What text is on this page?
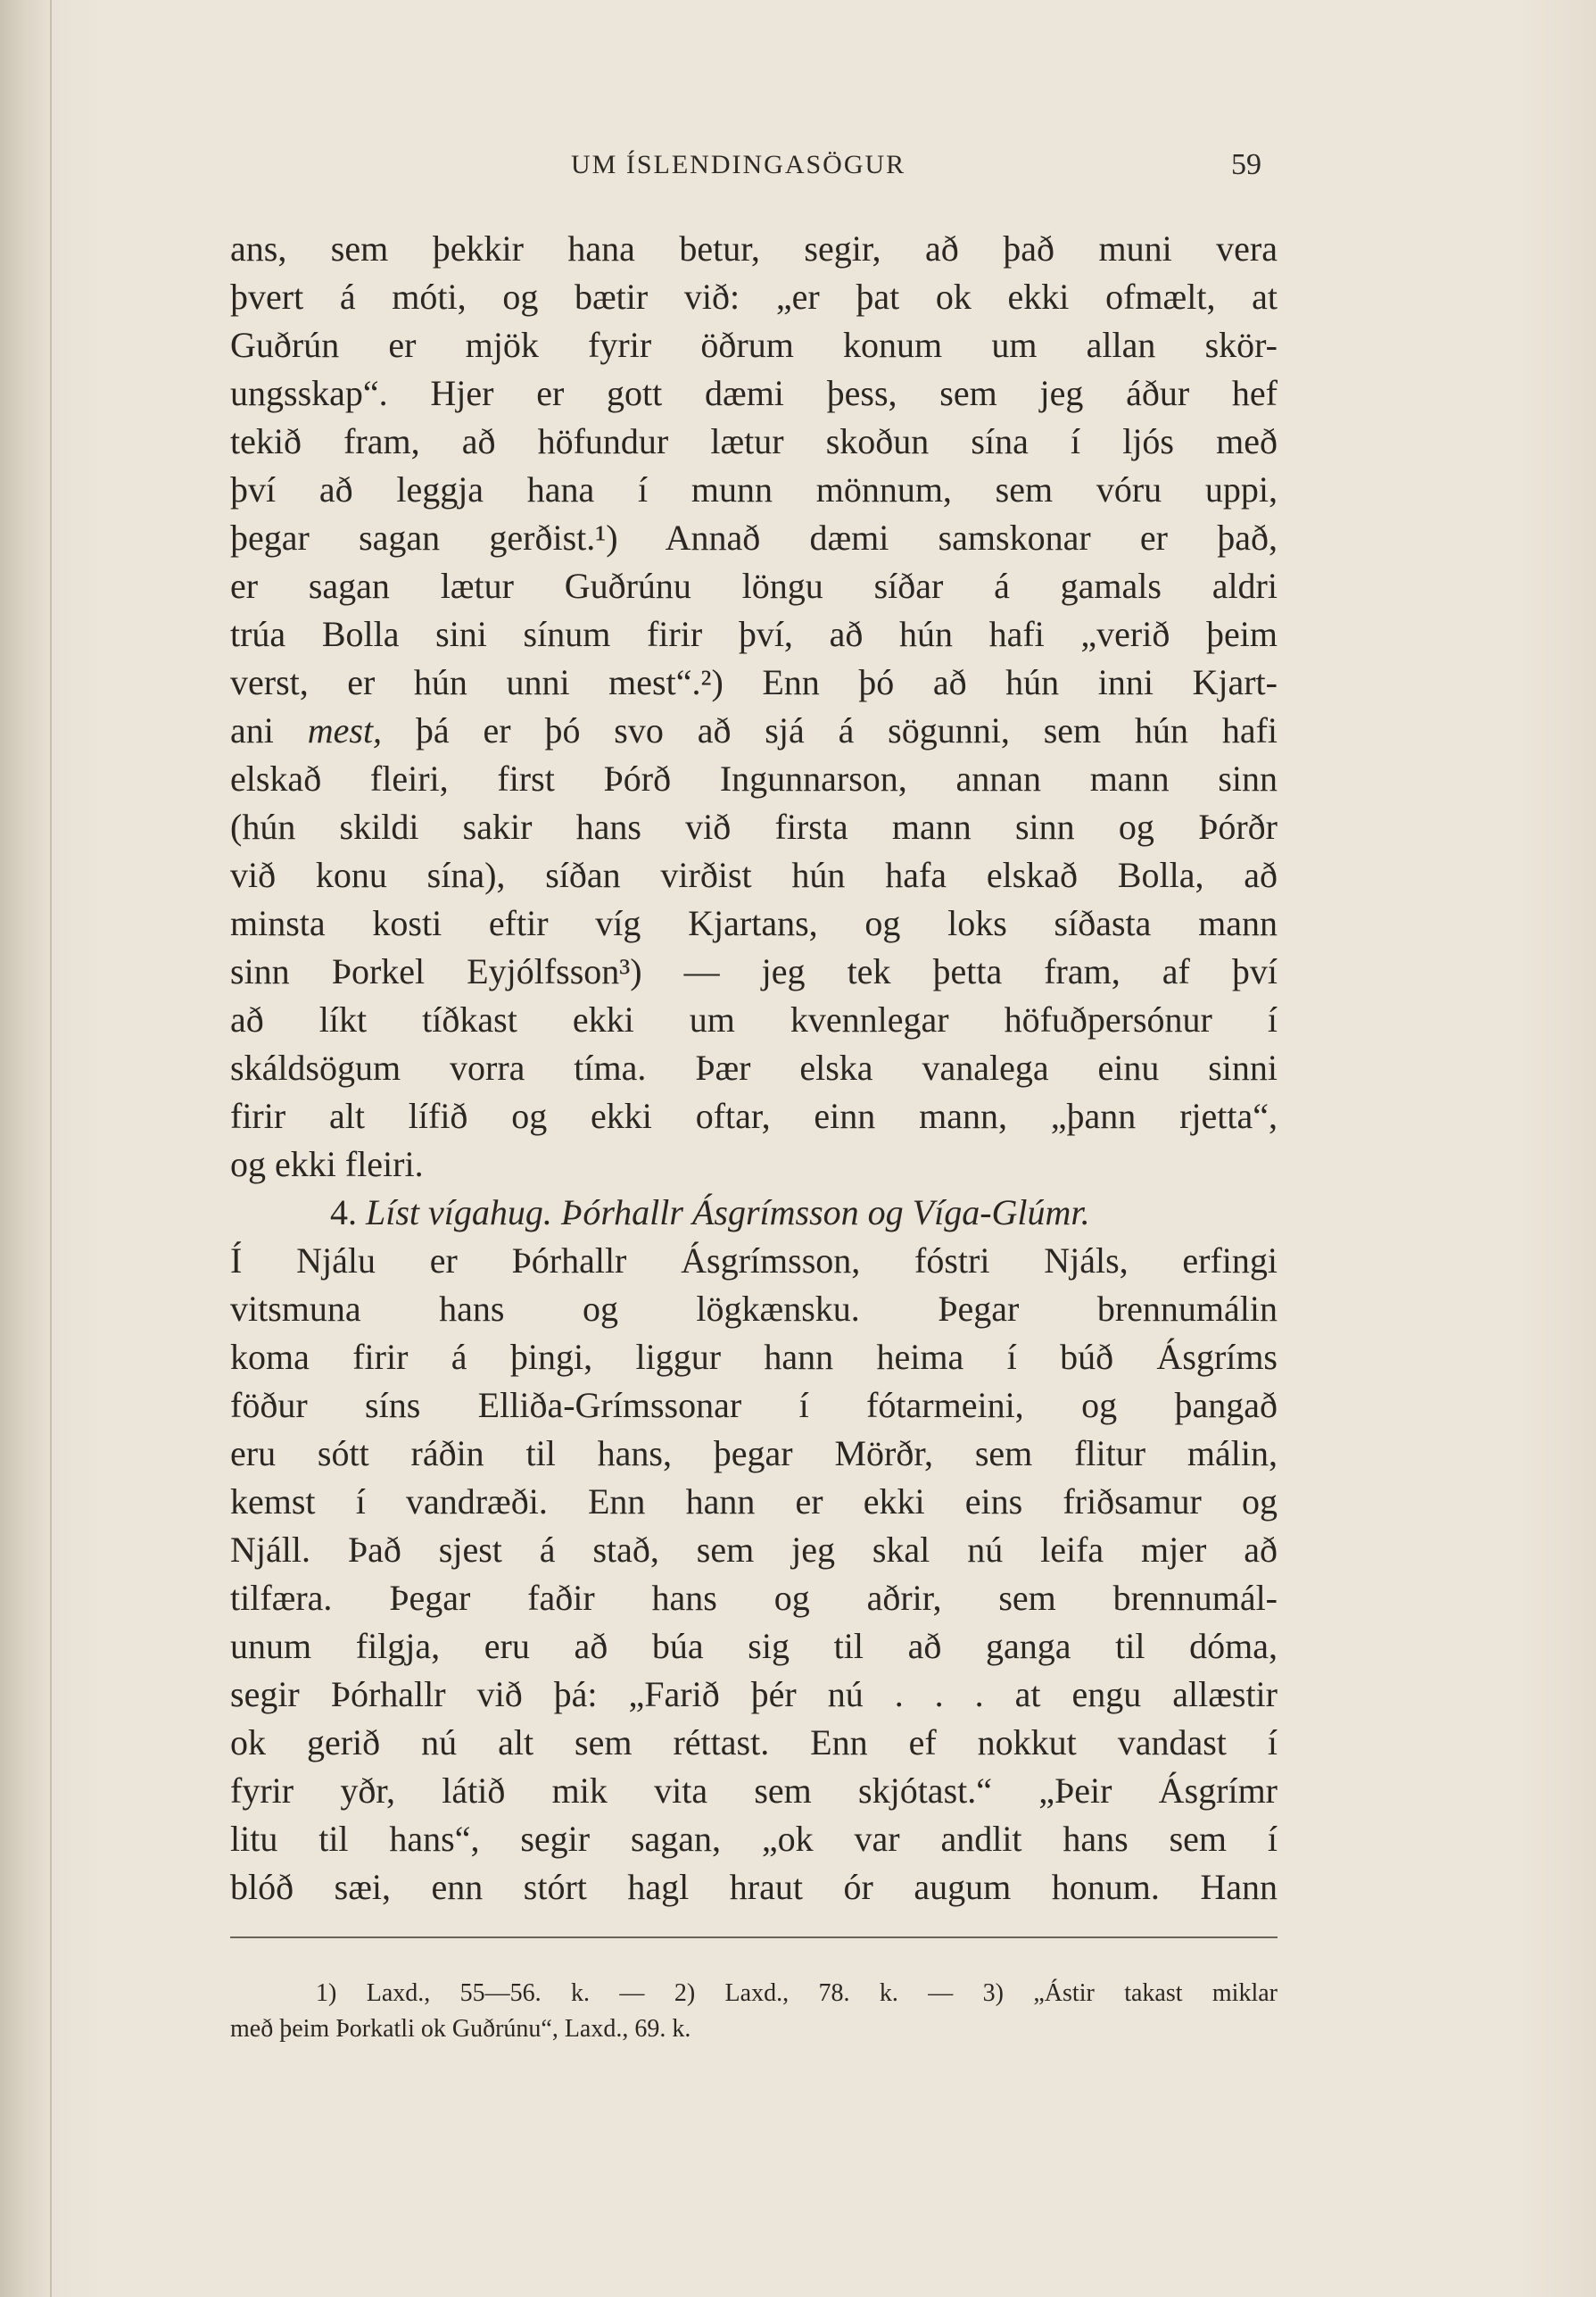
UM ÍSLENDINGASÖGUR	59
ans, sem þekkir hana betur, segir, að það muni vera
þvert á móti, og bætir við: „er þat ok ekki ofmælt, at
Guðrún er mjök fyrir öðrum konum um allan skör-
ungsskap“. Hjer er gott dæmi þess, sem jeg áður hef
tekið fram, að höfundur lætur skoðun sína í ljós með
því að leggja hana í munn mönnum, sem vóru uppi,
þegar sagan gerðist.¹) Annað dæmi samskonar er það,
er sagan lætur Guðrúnu löngu síðar á gamals aldri
trúa Bolla sini sínum firir því, að hún hafi „verið þeim
verst, er hún unni mest“.²) Enn þó að hún inni Kjart-
ani mest, þá er þó svo að sjá á sögunni, sem hún hafi
elskað fleiri, first Þórð Ingunnarson, annan mann sinn
(hún skildi sakir hans við firsta mann sinn og Þórðr
við konu sína), síðan virðist hún hafa elskað Bolla, að
minsta kosti eftir víg Kjartans, og loks síðasta mann
sinn Þorkel Eyjólfsson³) — jeg tek þetta fram, af því
að líkt tíðkast ekki um kvennlegar höfuðpersónur í
skáldsögum vorra tíma. Þær elska vanalega einu sinni
firir alt lífið og ekki oftar, einn mann, „þann rjetta“,
og ekki fleiri.
4. Líst vígahug. Þórhallr Ásgrímsson og Víga-Glúmr.
Í Njálu er Þórhallr Ásgrímsson, fóstri Njáls, erfingi
vitsmuna hans og lögkænsku. Þegar brennumálin
koma firir á þingi, liggur hann heima í búð Ásgríms
föður síns Elliða-Grímssonar í fótarmeini, og þangað
eru sótt ráðin til hans, þegar Mörðr, sem flitur málin,
kemst í vandræði. Enn hann er ekki eins friðsamur og
Njáll. Það sjest á stað, sem jeg skal nú leifa mjer að
tilfæra. Þegar faðir hans og aðrir, sem brennumál-
unum filgja, eru að búa sig til að ganga til dóma,
segir Þórhallr við þá: „Farið þér nú . . . at engu allæstir
ok gerið nú alt sem réttast. Enn ef nokkut vandast í
fyrir yðr, látið mik vita sem skjótast.“ „Þeir Ásgrímr
litu til hans“, segir sagan, „ok var andlit hans sem í
blóð sæi, enn stórt hagl hraut ór augum honum. Hann
1) Laxd., 55—56. k. — 2) Laxd., 78. k. — 3) „Ástir takast miklar
með þeim Þorkatli ok Guðrúnu“, Laxd., 69. k.
